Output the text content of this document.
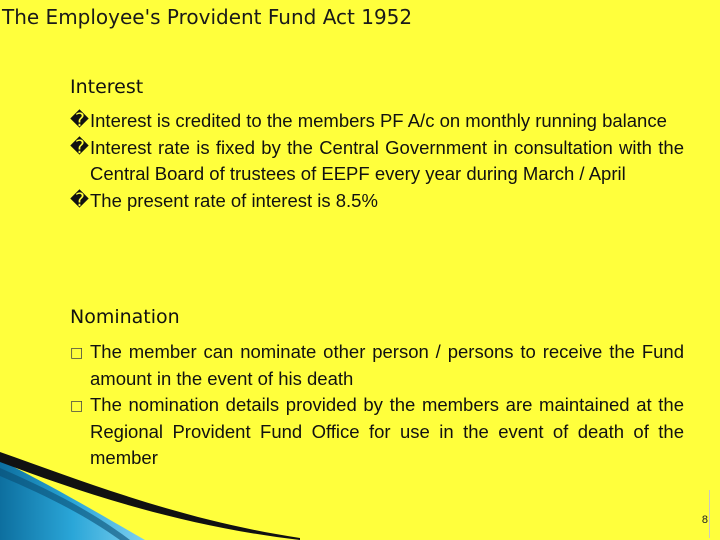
The Employee's Provident Fund Act 1952
Interest
� Interest is credited to the members PF A/c on monthly running balance
� Interest rate is fixed by the Central Government in consultation with the Central Board of trustees of EEPF every year during March / April
� The present rate of interest is 8.5%
Nomination
□ The member can nominate other person / persons to receive the Fund amount in the event of his death
□ The nomination details provided by the members are maintained at the Regional Provident Fund Office for use in the event of death of the member
8
